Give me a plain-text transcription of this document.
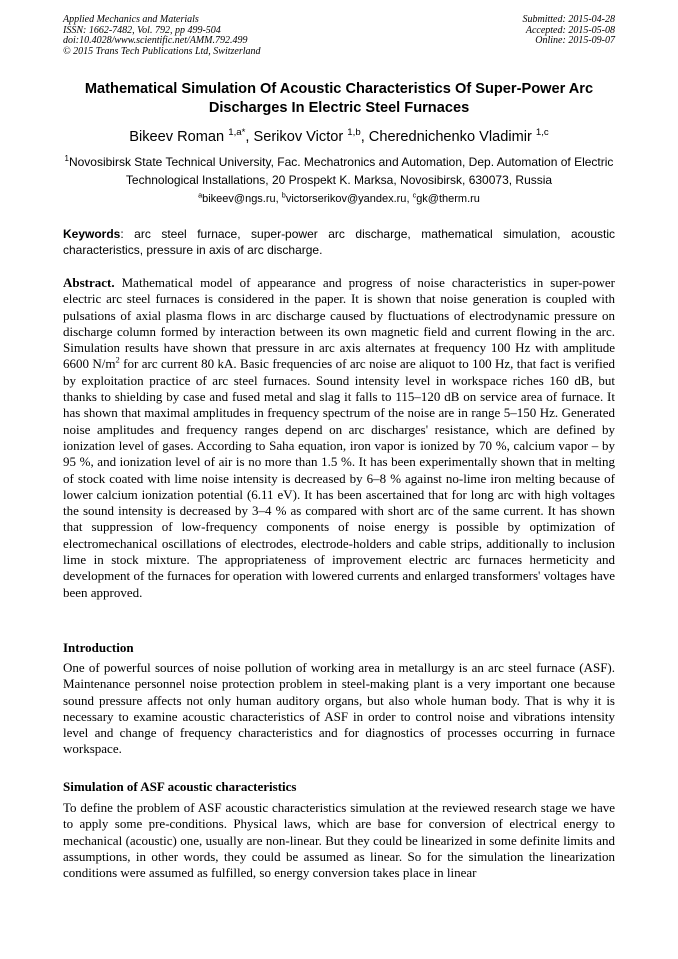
Applied Mechanics and Materials
ISSN: 1662-7482, Vol. 792, pp 499-504
doi:10.4028/www.scientific.net/AMM.792.499
© 2015 Trans Tech Publications Ltd, Switzerland
Submitted: 2015-04-28
Accepted: 2015-05-08
Online: 2015-09-07
Mathematical Simulation Of Acoustic Characteristics Of Super-Power Arc Discharges In Electric Steel Furnaces
Bikeev Roman $^{1,a*}$, Serikov Victor $^{1,b}$, Cherednichenko Vladimir $^{1,c}$
$^1$Novosibirsk State Technical University, Fac. Mechatronics and Automation, Dep. Automation of Electric Technological Installations, 20 Prospekt K. Marksa, Novosibirsk, 630073, Russia
$^a$bikeev@ngs.ru, $^b$victorserikov@yandex.ru, $^c$gk@therm.ru
Keywords: arc steel furnace, super-power arc discharge, mathematical simulation, acoustic characteristics, pressure in axis of arc discharge.
Abstract. Mathematical model of appearance and progress of noise characteristics in super-power electric arc steel furnaces is considered in the paper. It is shown that noise generation is coupled with pulsations of axial plasma flows in arc discharge caused by fluctuations of electrodynamic pressure on discharge column formed by interaction between its own magnetic field and current flowing in the arc. Simulation results have shown that pressure in arc axis alternates at frequency 100 Hz with amplitude 6600 $N/m^2$ for arc current 80 kA. Basic frequencies of arc noise are aliquot to 100 Hz, that fact is verified by exploitation practice of arc steel furnaces. Sound intensity level in workspace riches 160 dB, but thanks to shielding by case and fused metal and slag it falls to 115–120 dB on service area of furnace. It has shown that maximal amplitudes in frequency spectrum of the noise are in range 5–150 Hz. Generated noise amplitudes and frequency ranges depend on arc discharges' resistance, which are defined by ionization level of gases. According to Saha equation, iron vapor is ionized by 70 %, calcium vapor – by 95 %, and ionization level of air is no more than 1.5 %. It has been experimentally shown that in melting of stock coated with lime noise intensity is decreased by 6–8 % against no-lime iron melting because of lower calcium ionization potential (6.11 eV). It has been ascertained that for long arc with high voltages the sound intensity is decreased by 3–4 % as compared with short arc of the same current. It has shown that suppression of low-frequency components of noise energy is possible by optimization of electromechanical oscillations of electrodes, electrode-holders and cable strips, additionally to inclusion lime in stock mixture. The appropriateness of improvement electric arc furnaces hermeticity and development of the furnaces for operation with lowered currents and enlarged transformers' voltages have been approved.
Introduction
One of powerful sources of noise pollution of working area in metallurgy is an arc steel furnace (ASF). Maintenance personnel noise protection problem in steel-making plant is a very important one because sound pressure affects not only human auditory organs, but also whole human body. That is why it is necessary to examine acoustic characteristics of ASF in order to control noise and vibrations intensity level and change of frequency characteristics and for diagnostics of processes occurring in furnace workspace.
Simulation of ASF acoustic characteristics
To define the problem of ASF acoustic characteristics simulation at the reviewed research stage we have to apply some pre-conditions. Physical laws, which are base for conversion of electrical energy to mechanical (acoustic) one, usually are non-linear. But they could be linearized in some definite limits and assumptions, in other words, they could be assumed as linear. So for the simulation the linearization conditions were assumed as fulfilled, so energy conversion takes place in linear
